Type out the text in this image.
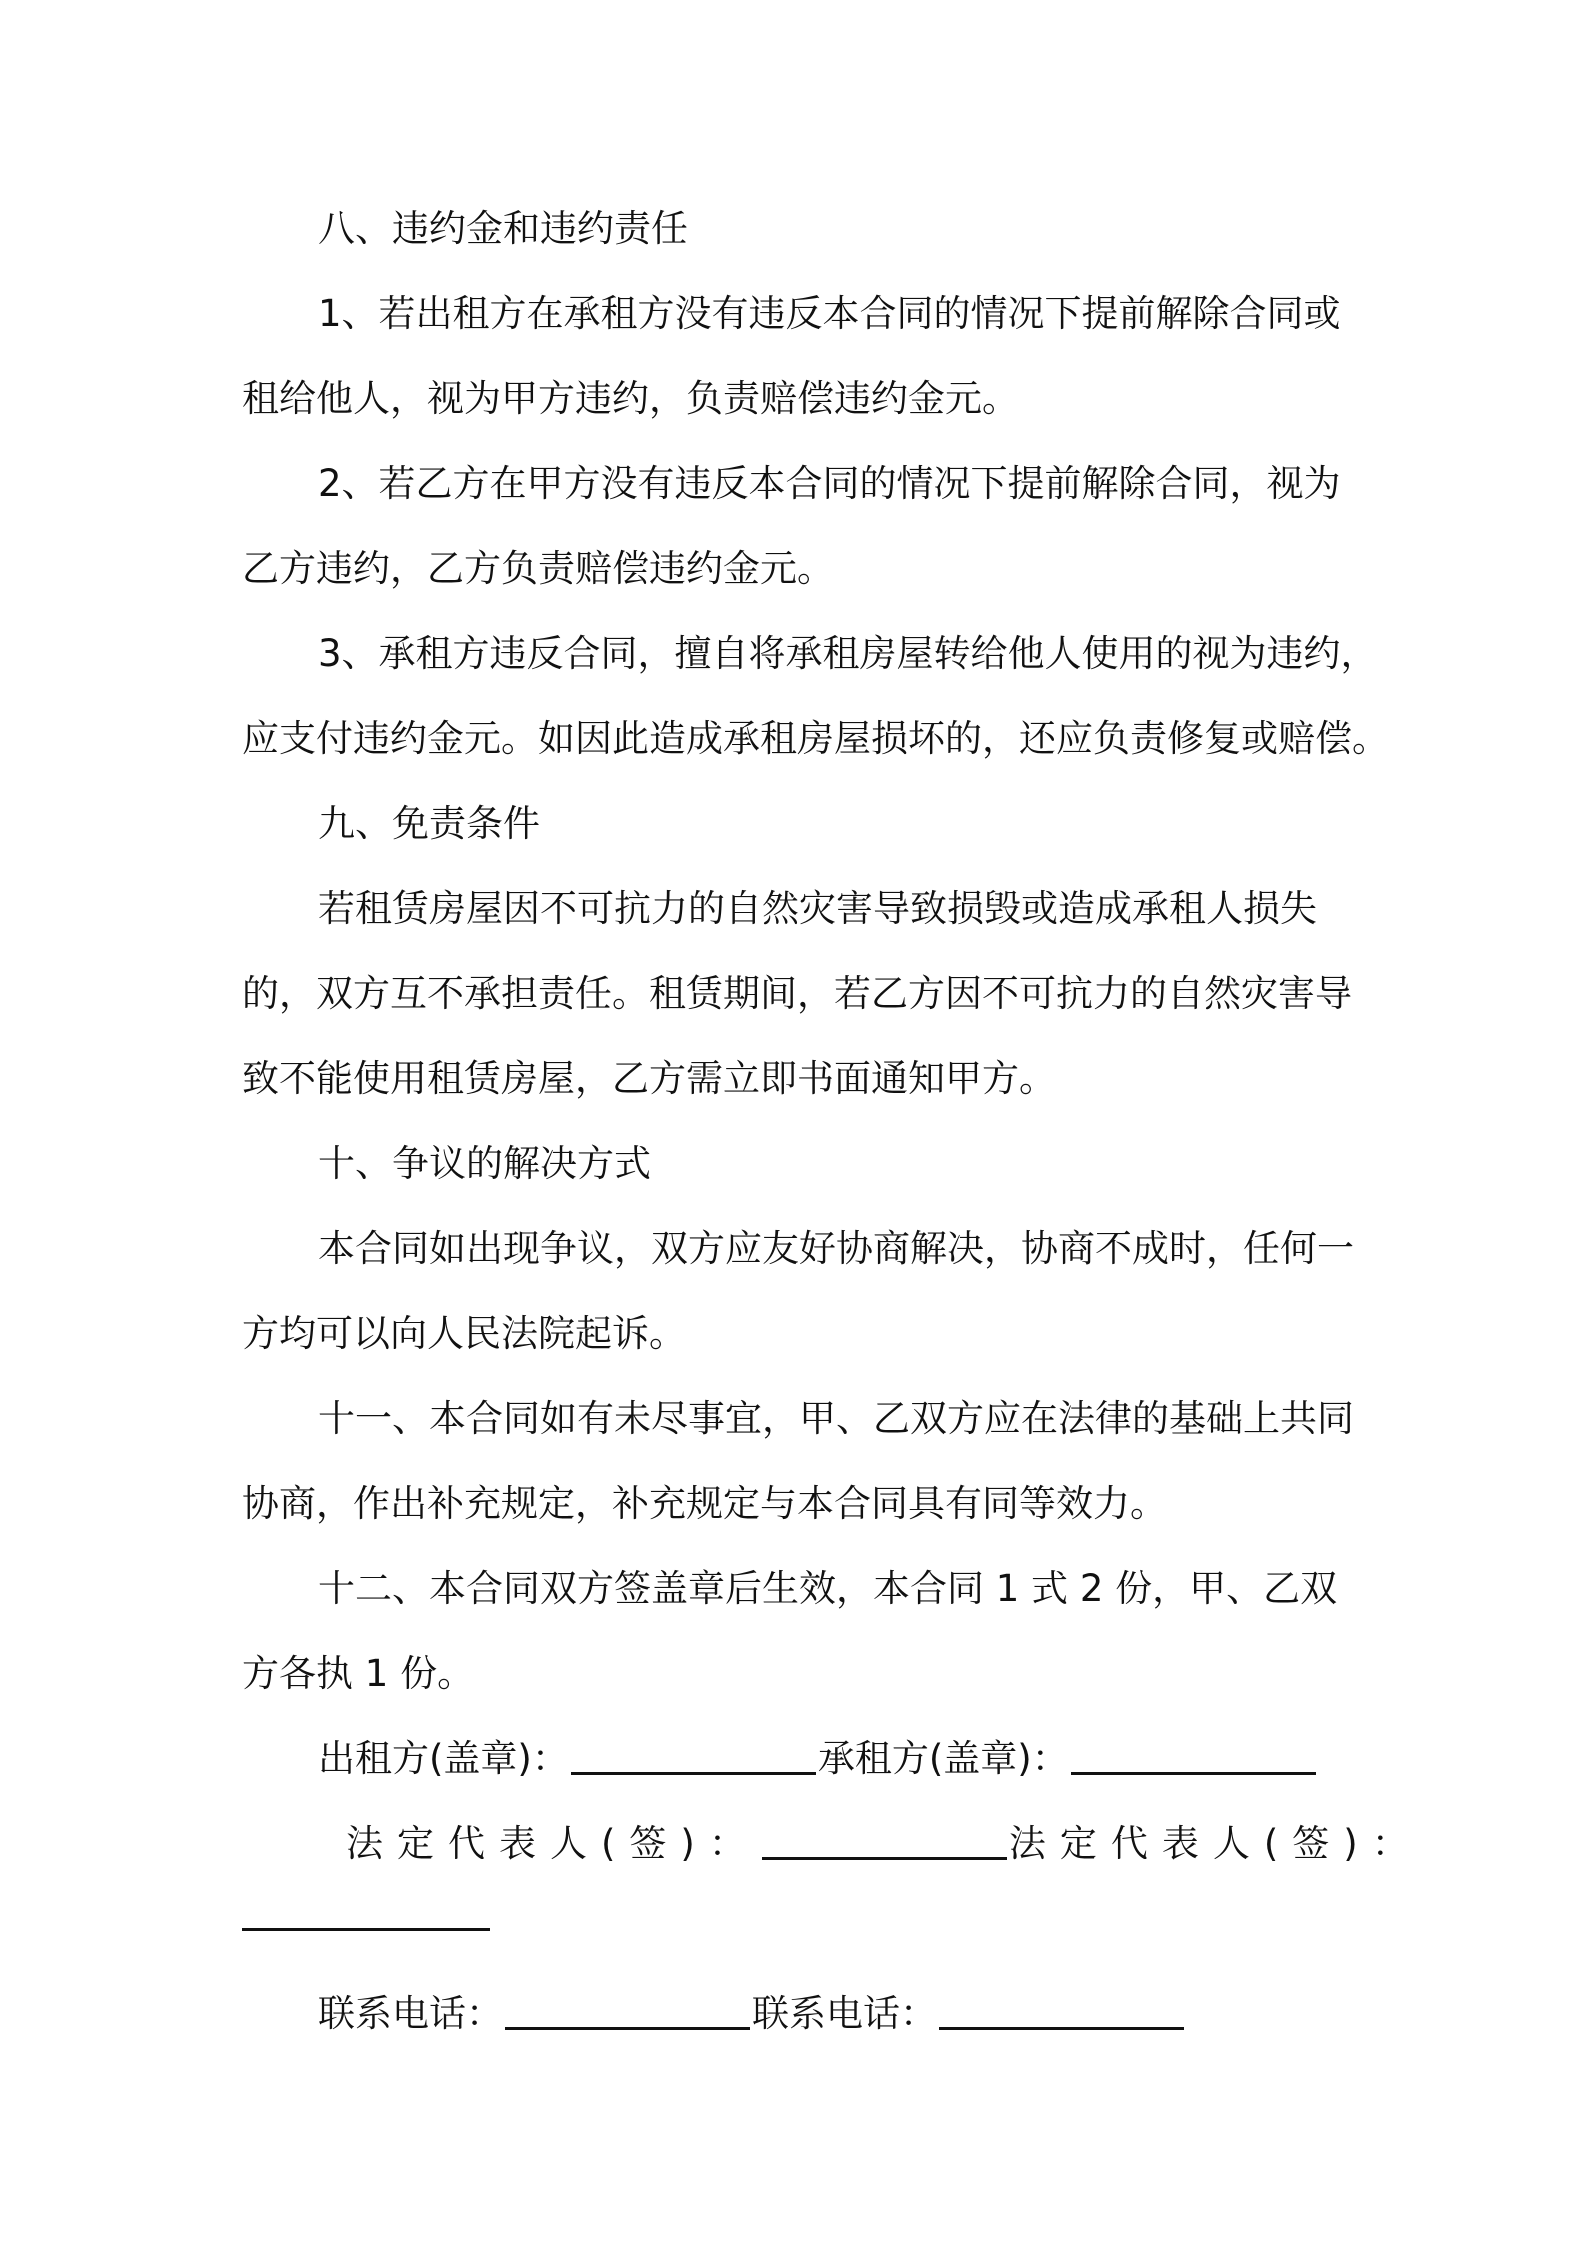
八、违约金和违约责任
1、若出租方在承租方没有违反本合同的情况下提前解除合同或
租给他人，视为甲方违约，负责赔偿违约金元。
2、若乙方在甲方没有违反本合同的情况下提前解除合同，视为
乙方违约，乙方负责赔偿违约金元。
3、承租方违反合同，擅自将承租房屋转给他人使用的视为违约，
应支付违约金元。如因此造成承租房屋损坏的，还应负责修复或赔偿。
九、免责条件
若租赁房屋因不可抗力的自然灾害导致损毁或造成承租人损失
的，双方互不承担责任。租赁期间，若乙方因不可抗力的自然灾害导
致不能使用租赁房屋，乙方需立即书面通知甲方。
十、争议的解决方式
本合同如出现争议，双方应友好协商解决，协商不成时，任何一
方均可以向人民法院起诉。
十一、本合同如有未尽事宜，甲、乙双方应在法律的基础上共同
协商，作出补充规定，补充规定与本合同具有同等效力。
十二、本合同双方签盖章后生效，本合同 1 式 2 份，甲、乙双
方各执 1 份。
出租方(盖章)：	承租方(盖章)：
法定代表人(签)：	法定代表人(签)：
联系电话：	联系电话：
